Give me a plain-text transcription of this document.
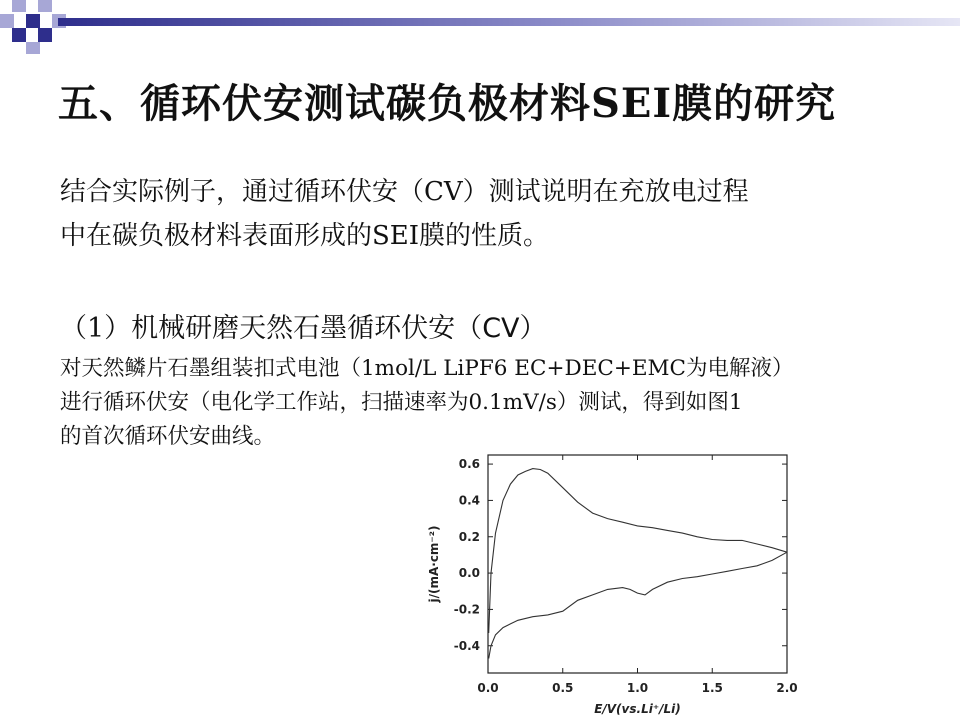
五、循环伏安测试碳负极材料SEI膜的研究
结合实际例子，通过循环伏安（CV）测试说明在充放电过程
中在碳负极材料表面形成的SEI膜的性质。
（1）机械研磨天然石墨循环伏安（CV）
对天然鳞片石墨组装扣式电池（1mol/L LiPF6 EC+DEC+EMC为电解液）
进行循环伏安（电化学工作站，扫描速率为0.1mV/s）测试，得到如图1
的首次循环伏安曲线。
0.0	0.5	1.0	1.5	2.0
-0.4
-0.2
0.0
0.2
0.4
0.6
E/V(vs.Li⁺/Li)
j/(mA·cm⁻²)
